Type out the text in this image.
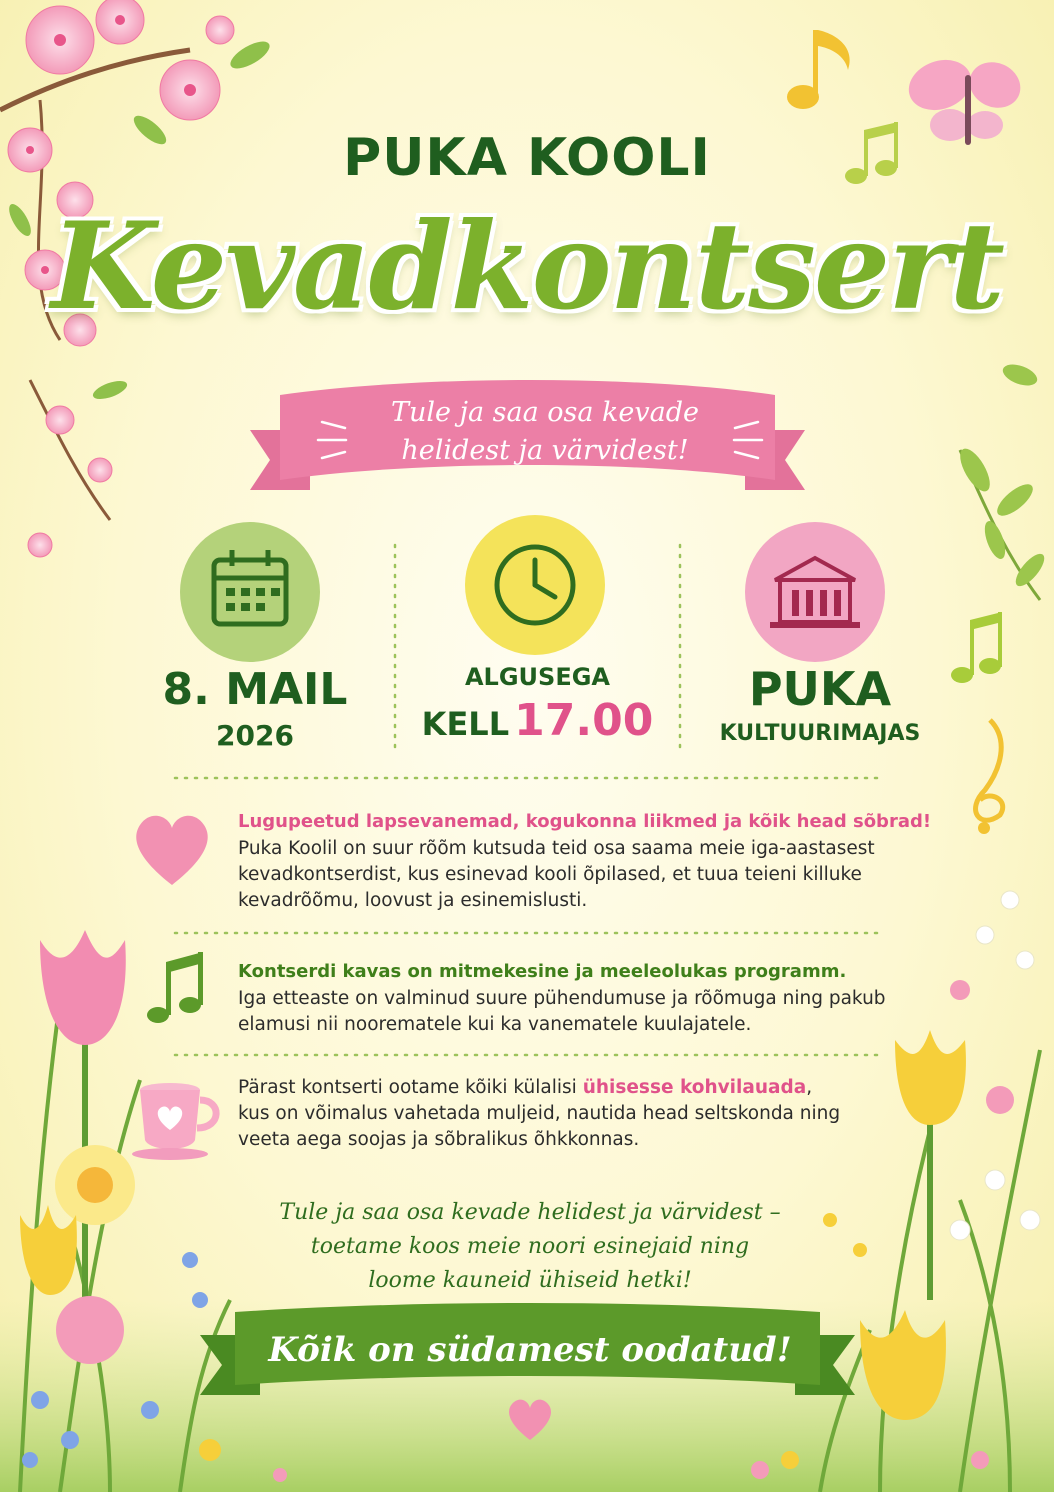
PUKA KOOLI
Kevadkontsert
Tule ja saa osa kevade
helidest ja värvidest!
8. MAIL
2026
ALGUSEGA
KELL 17.00
PUKA
KULTUURIMAJAS
Lugupeetud lapsevanemad, kogukonna liikmed ja kõik head sõbrad!
Puka Koolil on suur rõõm kutsuda teid osa saama meie iga-aastasest
kevadkontserdist, kus esinevad kooli õpilased, et tuua teieni killuke
kevadrõõmu, loovust ja esinemislusti.
Kontserdi kavas on mitmekesine ja meeleolukas programm.
Iga etteaste on valminud suure pühendumuse ja rõõmuga ning pakub
elamusi nii noorematele kui ka vanematele kuulajatele.
Pärast kontserti ootame kõiki külalisi ühisesse kohvilauada,
kus on võimalus vahetada muljeid, nautida head seltskonda ning
veeta aega soojas ja sõbralikus õhkkonnas.
Tule ja saa osa kevade helidest ja värvidest –
toetame koos meie noori esinejaid ning
loome kauneid ühiseid hetki!
Kõik on südamest oodatud!
